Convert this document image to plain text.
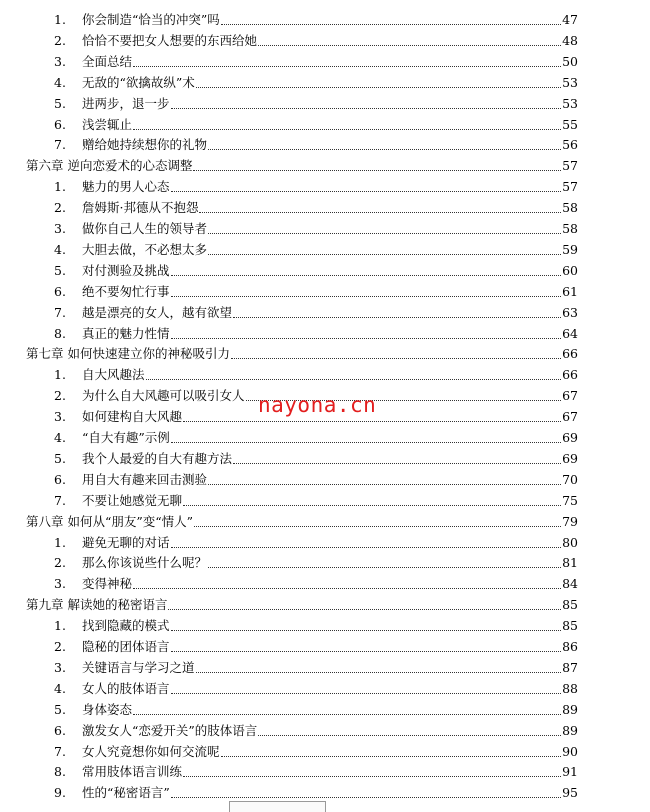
1.	你会制造“恰当的冲突”吗	47
2.	恰恰不要把女人想要的东西给她	48
3.	全面总结	50
4.	无敌的“欲擒故纵”术	53
5.	进两步，退一步	53
6.	浅尝辄止	55
7.	赠给她持续想你的礼物	56
第六章 逆向恋爱术的心态调整	57
1.	魅力的男人心态	57
2.	詹姆斯·邦德从不抱怨	58
3.	做你自己人生的领导者	58
4.	大胆去做，不必想太多	59
5.	对付测验及挑战	60
6.	绝不要匆忙行事	61
7.	越是漂亮的女人，越有欲望	63
8.	真正的魅力性情	64
第七章 如何快速建立你的神秘吸引力	66
1.	自大风趣法	66
2.	为什么自大风趣可以吸引女人	67
3.	如何建构自大风趣	67
4.	“自大有趣”示例	69
5.	我个人最爱的自大有趣方法	69
6.	用自大有趣来回击测验	70
7.	不要让她感觉无聊	75
第八章 如何从“朋友”变“情人”	79
1.	避免无聊的对话	80
2.	那么你该说些什么呢？	81
3.	变得神秘	84
第九章 解读她的秘密语言	85
1.	找到隐藏的模式	85
2.	隐秘的团体语言	86
3.	关键语言与学习之道	87
4.	女人的肢体语言	88
5.	身体姿态	89
6.	激发女人“恋爱开关”的肢体语言	89
7.	女人究竟想你如何交流呢	90
8.	常用肢体语言训练	91
9.	性的“秘密语言”	95
nayona.cn
